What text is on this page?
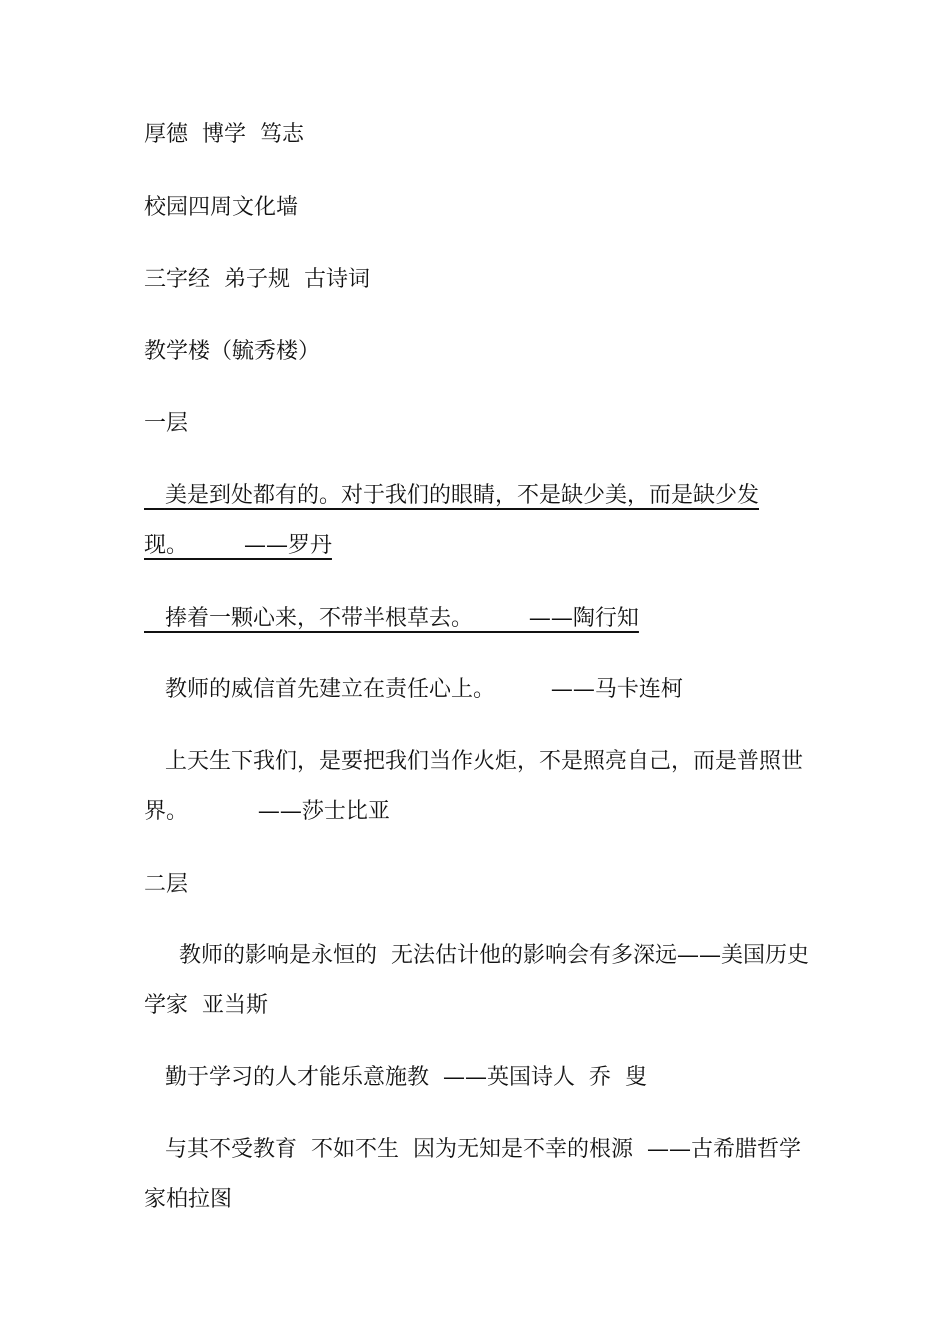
厚德  博学  笃志
校园四周文化墙
三字经  弟子规  古诗词
教学楼（毓秀楼）
一层
美是到处都有的。对于我们的眼睛，不是缺少美，而是缺少发现。        ——罗丹
捧着一颗心来，不带半根草去。        ——陶行知
教师的威信首先建立在责任心上。        ——马卡连柯
上天生下我们，是要把我们当作火炬，不是照亮自己，而是普照世界。          ——莎士比亚
二层
教师的影响是永恒的  无法估计他的影响会有多深远——美国历史学家  亚当斯
勤于学习的人才能乐意施教  ——英国诗人  乔  叟
与其不受教育  不如不生  因为无知是不幸的根源  ——古希腊哲学家柏拉图
